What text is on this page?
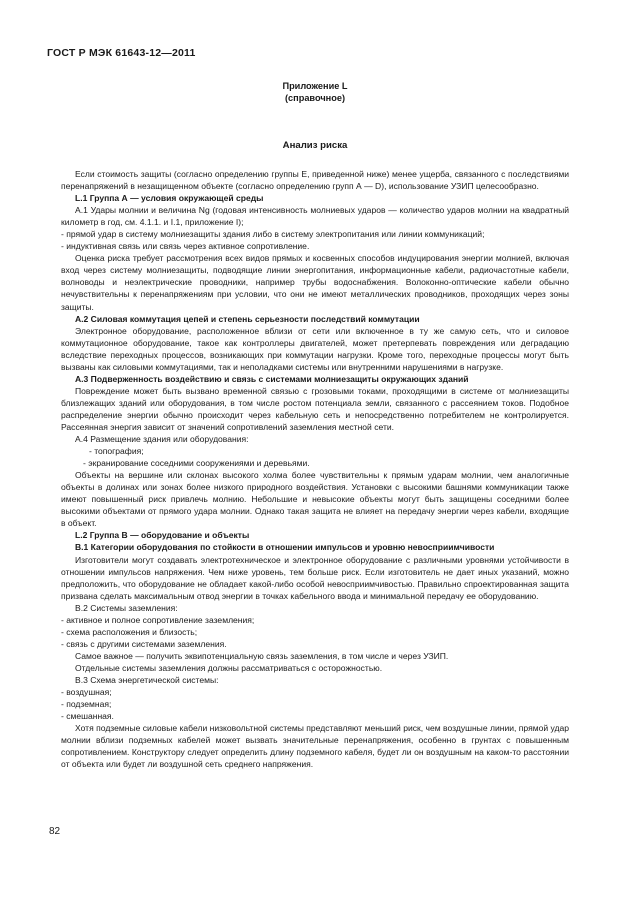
ГОСТ Р МЭК 61643-12—2011
Приложение L
(справочное)
Анализ риска

Если стоимость защиты (согласно определению группы Е, приведенной ниже) менее ущерба, связанного с последствиями перенапряжений в незащищенном объекте (согласно определению групп А — D), использование УЗИП целесообразно.

L.1 Группа А — условия окружающей среды

А.1 Удары молнии и величина Ng (годовая интенсивность молниевых ударов — количество ударов молнии на квадратный километр в год, см. 4.1.1. и I.1, приложение I);

- прямой удар в систему молниезащиты здания либо в систему электропитания или линии коммуникаций;

- индуктивная связь или связь через активное сопротивление.

Оценка риска требует рассмотрения всех видов прямых и косвенных способов индуцирования энергии молнией, включая вход через систему молниезащиты, подводящие линии энергопитания, информационные кабели, радиочастотные кабели, волноводы и неэлектрические проводники, например трубы водоснабжения. Волоконно-оптические кабели обычно нечувствительны к перенапряжениям при условии, что они не имеют металлических проводников, проходящих через зоны защиты.

А.2 Силовая коммутация цепей и степень серьезности последствий коммутации

Электронное оборудование, расположенное вблизи от сети или включенное в ту же самую сеть, что и силовое коммутационное оборудование, такое как контроллеры двигателей, может претерпевать повреждения или деградацию вследствие переходных процессов, возникающих при коммутации нагрузки. Кроме того, переходные процессы могут быть вызваны как силовыми коммутациями, так и неполадками системы или внутренними нарушениями в нагрузке.

А.3 Подверженность воздействию и связь с системами молниезащиты окружающих зданий

Повреждение может быть вызвано временной связью с грозовыми токами, проходящими в системе от молниезащиты близлежащих зданий или оборудования, в том числе ростом потенциала земли, связанного с рассеянием токов. Подобное распределение энергии обычно происходит через кабельную сеть и непосредственно потребителем не контролируется. Рассеянная энергия зависит от значений сопротивлений заземления местной сети.

А.4 Размещение здания или оборудования:

- топография;

- экранирование соседними сооружениями и деревьями.

Объекты на вершине или склонах высокого холма более чувствительны к прямым ударам молнии, чем аналогичные объекты в долинах или зонах более низкого природного воздействия. Установки с высокими башнями коммуникации также имеют повышенный риск привлечь молнию. Небольшие и невысокие объекты могут быть защищены соседними более высокими объектами от прямого удара молнии. Однако такая защита не влияет на передачу энергии через кабели, входящие в объект.

L.2 Группа В — оборудование и объекты

В.1 Категории оборудования по стойкости в отношении импульсов и уровню невосприимчивости

Изготовители могут создавать электротехническое и электронное оборудование с различными уровнями устойчивости в отношении импульсов напряжения. Чем ниже уровень, тем больше риск. Если изготовитель не дает иных указаний, можно предположить, что оборудование не обладает какой-либо особой невосприимчивостью. Правильно спроектированная защита призвана сделать максимальным отвод энергии в точках кабельного ввода и минимальной передачу ее оборудованию.

В.2 Системы заземления:

- активное и полное сопротивление заземления;

- схема расположения и близость;

- связь с другими системами заземления.

Самое важное — получить эквипотенциальную связь заземления, в том числе и через УЗИП.

Отдельные системы заземления должны рассматриваться с осторожностью.

В.3 Схема энергетической системы:

- воздушная;

- подземная;

- смешанная.

Хотя подземные силовые кабели низковольтной системы представляют меньший риск, чем воздушные линии, прямой удар молнии вблизи подземных кабелей может вызвать значительные перенапряжения, особенно в грунтах с повышенным сопротивлением. Конструктору следует определить длину подземного кабеля, будет ли он воздушным на каком-то расстоянии от объекта или будет ли воздушной сеть среднего напряжения.

82
